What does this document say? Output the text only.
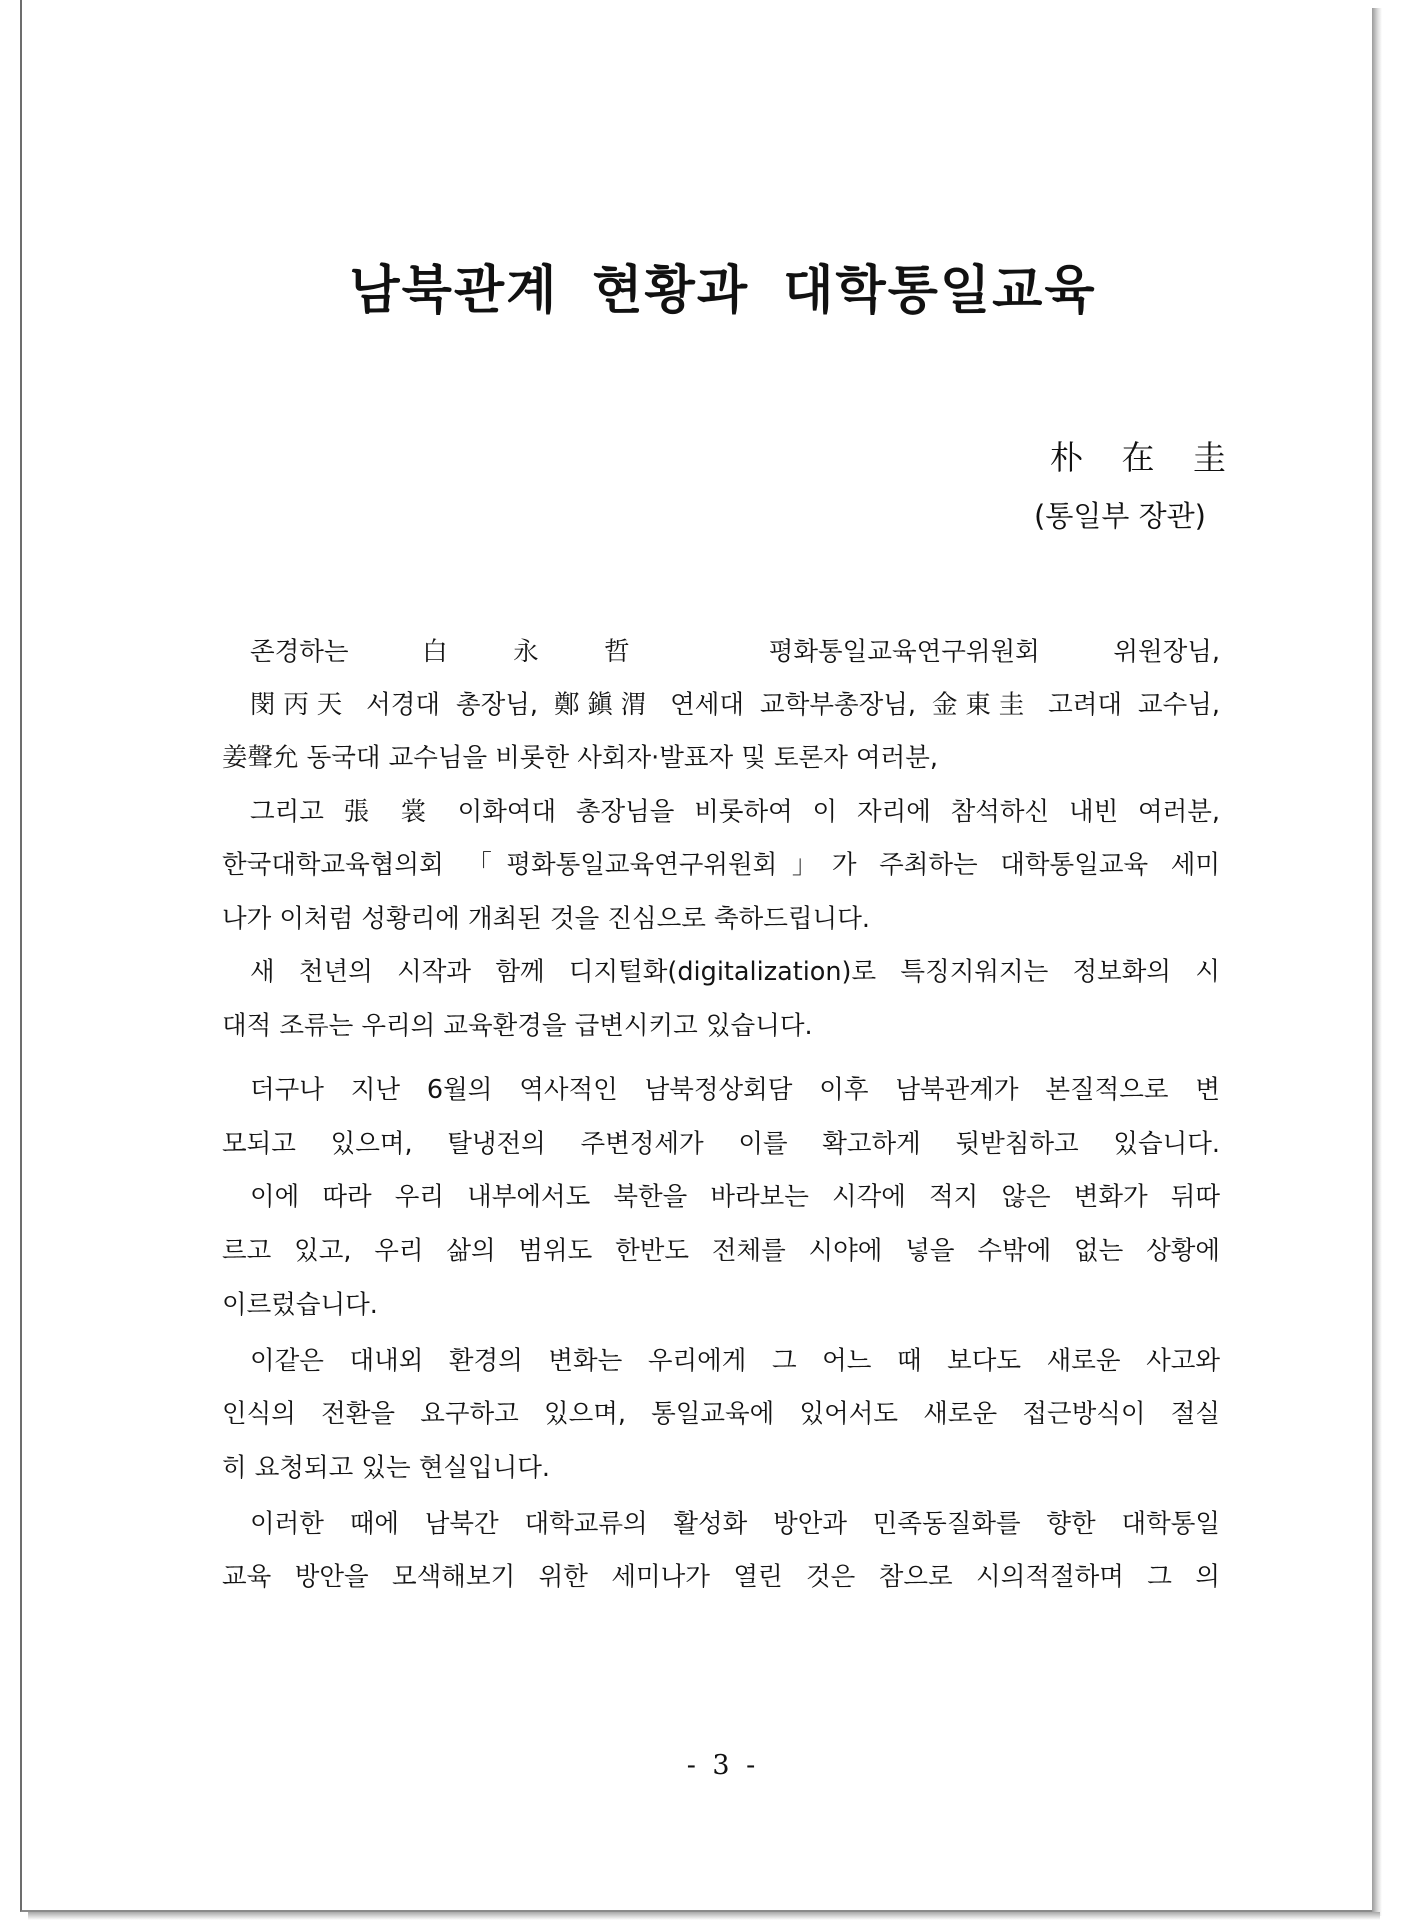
남북관계 현황과 대학통일교육
朴 在 圭
(통일부 장관)
- 3 -
존경하는 白永哲 평화통일교육연구위원회 위원장님,
閔丙天 서경대 총장님, 鄭鎭渭 연세대 교학부총장님, 金東圭 고려대 교수님,
姜聲允 동국대 교수님을 비롯한 사회자·발표자 및 토론자 여러분,
그리고 張 裳 이화여대 총장님을 비롯하여 이 자리에 참석하신 내빈 여러분,
한국대학교육협의회 「평화통일교육연구위원회」가 주최하는 대학통일교육 세미
나가 이처럼 성황리에 개최된 것을 진심으로 축하드립니다.
새 천년의 시작과 함께 디지털화(digitalization)로 특징지워지는 정보화의 시
대적 조류는 우리의 교육환경을 급변시키고 있습니다.
더구나 지난 6월의 역사적인 남북정상회담 이후 남북관계가 본질적으로 변
모되고 있으며, 탈냉전의 주변정세가 이를 확고하게 뒷받침하고 있습니다.
이에 따라 우리 내부에서도 북한을 바라보는 시각에 적지 않은 변화가 뒤따
르고 있고, 우리 삶의 범위도 한반도 전체를 시야에 넣을 수밖에 없는 상황에
이르렀습니다.
이같은 대내외 환경의 변화는 우리에게 그 어느 때 보다도 새로운 사고와
인식의 전환을 요구하고 있으며, 통일교육에 있어서도 새로운 접근방식이 절실
히 요청되고 있는 현실입니다.
이러한 때에 남북간 대학교류의 활성화 방안과 민족동질화를 향한 대학통일
교육 방안을 모색해보기 위한 세미나가 열린 것은 참으로 시의적절하며 그 의
